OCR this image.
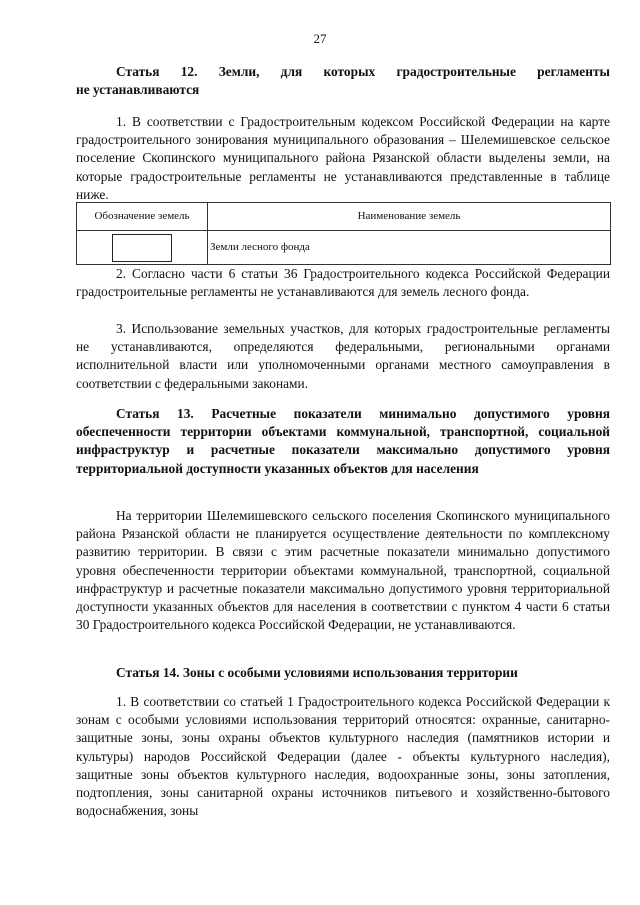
27
Статья 12. Земли, для которых градостроительные регламенты
не устанавливаются
1. В соответствии с Градостроительным кодексом Российской Федерации на карте градостроительного зонирования муниципального образования – Шелемишевское сельское поселение Скопинского муниципального района Рязанской области выделены земли, на которые градостроительные регламенты не устанавливаются представленные в таблице ниже.
Обозначение земель	Наименование земель
	Земли лесного фонда
2. Согласно части 6 статьи 36 Градостроительного кодекса Российской Федерации градостроительные регламенты не устанавливаются для земель лесного фонда.
3. Использование земельных участков, для которых градостроительные регламенты не устанавливаются, определяются федеральными, региональными органами исполнительной власти или уполномоченными органами местного самоуправления в соответствии с федеральными законами.
Статья 13. Расчетные показатели минимально допустимого уровня
обеспеченности территории объектами коммунальной, транспортной, социальной инфраструктур и расчетные показатели максимально допустимого уровня территориальной доступности указанных объектов для населения
На территории Шелемишевского сельского поселения Скопинского муниципального района Рязанской области не планируется осуществление деятельности по комплексному развитию территории. В связи с этим расчетные показатели минимально допустимого уровня обеспеченности территории объектами коммунальной, транспортной, социальной инфраструктур и расчетные показатели максимально допустимого уровня территориальной доступности указанных объектов для населения в соответствии с пунктом 4 части 6 статьи 30 Градостроительного кодекса Российской Федерации, не устанавливаются.
Статья 14. Зоны с особыми условиями использования территории
1. В соответствии со статьей 1 Градостроительного кодекса Российской Федерации к зонам с особыми условиями использования территорий относятся: охранные, санитарно-защитные зоны, зоны охраны объектов культурного наследия (памятников истории и культуры) народов Российской Федерации (далее - объекты культурного наследия), защитные зоны объектов культурного наследия, водоохранные зоны, зоны затопления, подтопления, зоны санитарной охраны источников питьевого и хозяйственно-бытового водоснабжения, зоны
